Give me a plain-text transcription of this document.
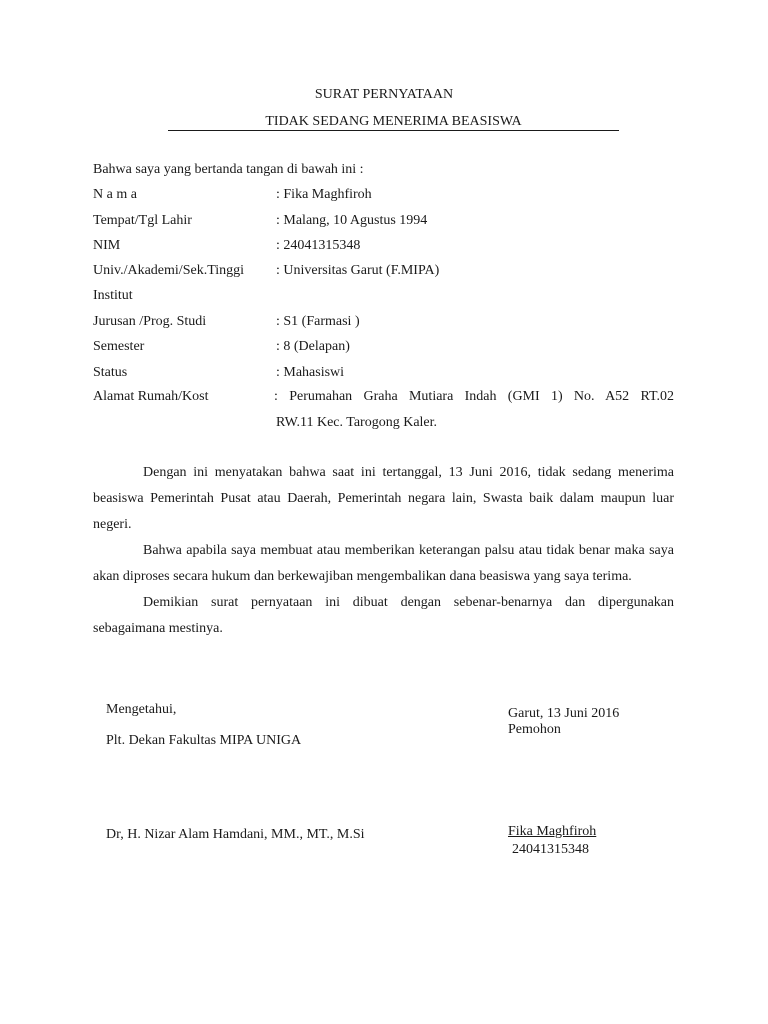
SURAT PERNYATAAN
TIDAK SEDANG MENERIMA BEASISWA
Bahwa saya yang bertanda tangan di bawah ini :
N a m a	: Fika Maghfiroh
Tempat/Tgl Lahir	: Malang, 10 Agustus 1994
NIM	: 24041315348
Univ./Akademi/Sek.Tinggi : Universitas Garut (F.MIPA)
Institut
Jurusan /Prog. Studi	: S1 (Farmasi )
Semester	: 8 (Delapan)
Status	: Mahasiswi
Alamat Rumah/Kost	: Perumahan Graha Mutiara Indah (GMI 1) No. A52 RT.02
RW.11 Kec. Tarogong Kaler.

Dengan ini menyatakan bahwa saat ini tertanggal, 13 Juni 2016, tidak sedang menerima beasiswa Pemerintah Pusat atau Daerah, Pemerintah negara lain, Swasta baik dalam maupun luar negeri.

Bahwa apabila saya membuat atau memberikan keterangan palsu atau tidak benar maka saya akan diproses secara hukum dan berkewajiban mengembalikan dana beasiswa yang saya terima.

Demikian surat pernyataan ini dibuat dengan sebenar-benarnya dan dipergunakan sebagaimana mestinya.

Mengetahui,
Plt. Dekan Fakultas MIPA UNIGA
Dr, H. Nizar Alam Hamdani, MM., MT., M.Si
Garut, 13 Juni 2016
Pemohon
Fika Maghfiroh
24041315348
